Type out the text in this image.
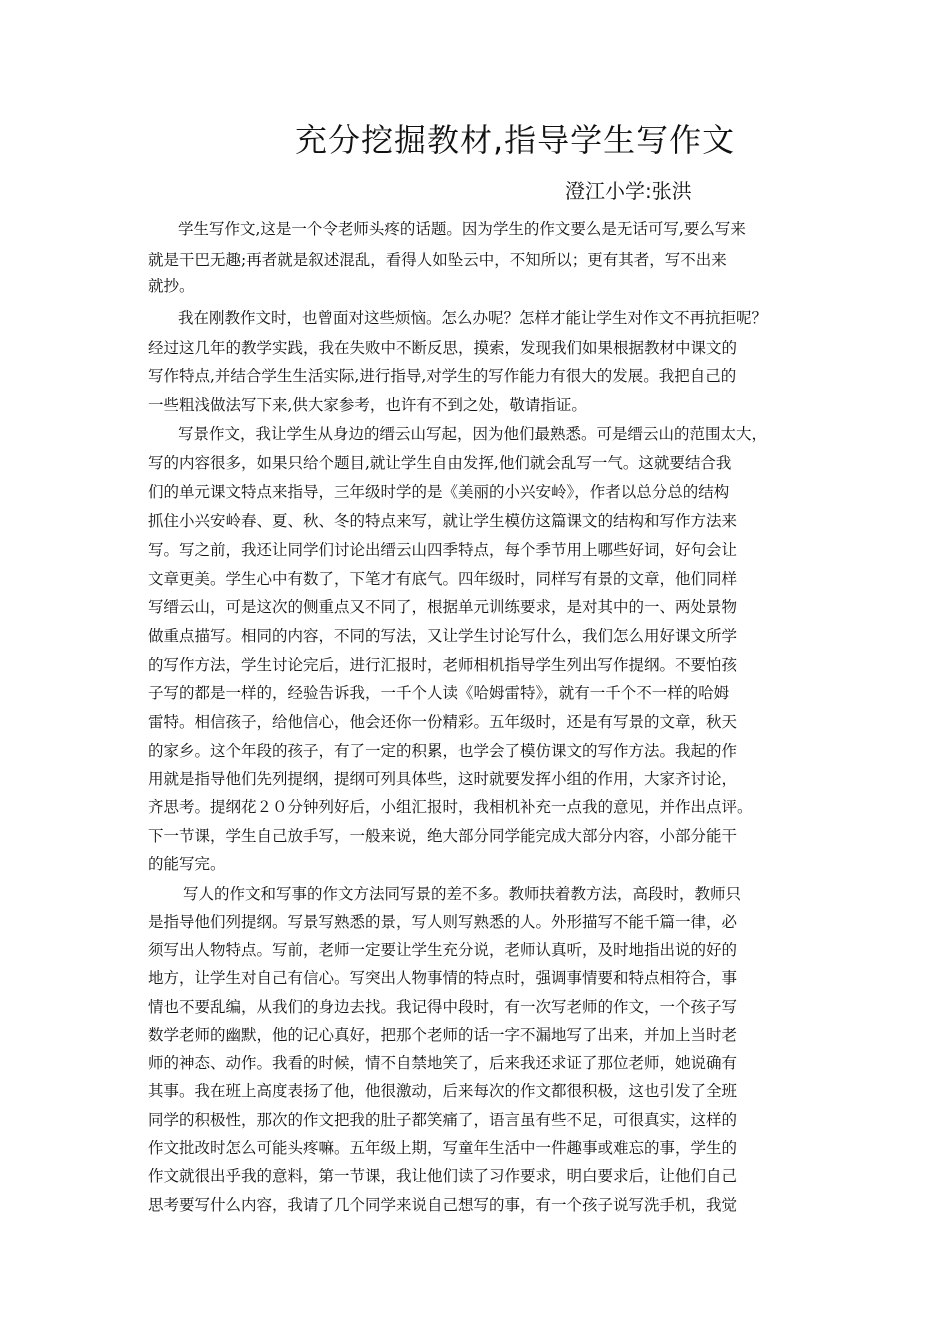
充分挖掘教材,指导学生写作文
澄江小学:张洪

学生写作文,这是一个令老师头疼的话题。因为学生的作文要么是无话可写,要么写来

就是干巴无趣;再者就是叙述混乱，看得人如坠云中，不知所以；更有其者，写不出来

就抄。

我在刚教作文时，也曾面对这些烦恼。怎么办呢？怎样才能让学生对作文不再抗拒呢？

经过这几年的教学实践，我在失败中不断反思，摸索，发现我们如果根据教材中课文的

写作特点,并结合学生生活实际,进行指导,对学生的写作能力有很大的发展。我把自己的

一些粗浅做法写下来,供大家参考，也许有不到之处，敬请指证。

写景作文，我让学生从身边的缙云山写起，因为他们最熟悉。可是缙云山的范围太大，

写的内容很多，如果只给个题目,就让学生自由发挥,他们就会乱写一气。这就要结合我

们的单元课文特点来指导，三年级时学的是《美丽的小兴安岭》，作者以总分总的结构

抓住小兴安岭春、夏、秋、冬的特点来写，就让学生模仿这篇课文的结构和写作方法来

写。写之前，我还让同学们讨论出缙云山四季特点，每个季节用上哪些好词，好句会让

文章更美。学生心中有数了，下笔才有底气。四年级时，同样写有景的文章，他们同样

写缙云山，可是这次的侧重点又不同了，根据单元训练要求，是对其中的一、两处景物

做重点描写。相同的内容，不同的写法，又让学生讨论写什么，我们怎么用好课文所学

的写作方法，学生讨论完后，进行汇报时，老师相机指导学生列出写作提纲。不要怕孩

子写的都是一样的，经验告诉我，一千个人读《哈姆雷特》，就有一千个不一样的哈姆

雷特。相信孩子，给他信心，他会还你一份精彩。五年级时，还是有写景的文章，秋天

的家乡。这个年段的孩子，有了一定的积累，也学会了模仿课文的写作方法。我起的作

用就是指导他们先列提纲，提纲可列具体些，这时就要发挥小组的作用，大家齐讨论，

齐思考。提纲花２０分钟列好后，小组汇报时，我相机补充一点我的意见，并作出点评。

下一节课，学生自己放手写，一般来说，绝大部分同学能完成大部分内容，小部分能干

的能写完。

写人的作文和写事的作文方法同写景的差不多。教师扶着教方法，高段时，教师只

是指导他们列提纲。写景写熟悉的景，写人则写熟悉的人。外形描写不能千篇一律，必

须写出人物特点。写前，老师一定要让学生充分说，老师认真听，及时地指出说的好的

地方，让学生对自己有信心。写突出人物事情的特点时，强调事情要和特点相符合，事

情也不要乱编，从我们的身边去找。我记得中段时，有一次写老师的作文，一个孩子写

数学老师的幽默，他的记心真好，把那个老师的话一字不漏地写了出来，并加上当时老

师的神态、动作。我看的时候，情不自禁地笑了，后来我还求证了那位老师，她说确有

其事。我在班上高度表扬了他，他很激动，后来每次的作文都很积极，这也引发了全班

同学的积极性，那次的作文把我的肚子都笑痛了，语言虽有些不足，可很真实，这样的

作文批改时怎么可能头疼嘛。五年级上期，写童年生活中一件趣事或难忘的事，学生的

作文就很出乎我的意料，第一节课，我让他们读了习作要求，明白要求后，让他们自己

思考要写什么内容，我请了几个同学来说自己想写的事，有一个孩子说写洗手机，我觉
